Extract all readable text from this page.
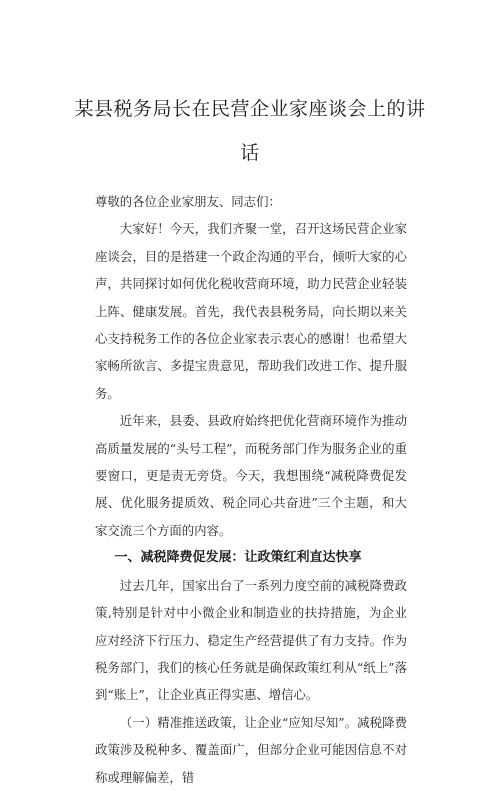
某县税务局长在民营企业家座谈会上的讲
话

尊敬的各位企业家朋友、同志们：

大家好！今天，我们齐聚一堂，召开这场民营企业家座谈会，目的是搭建一个政企沟通的平台，倾听大家的心声，共同探讨如何优化税收营商环境，助力民营企业轻装上阵、健康发展。首先，我代表县税务局，向长期以来关心支持税务工作的各位企业家表示衷心的感谢！也希望大家畅所欲言、多提宝贵意见，帮助我们改进工作、提升服务。

近年来，县委、县政府始终把优化营商环境作为推动高质量发展的“头号工程”，而税务部门作为服务企业的重要窗口，更是责无旁贷。今天，我想围绕“减税降费促发展、优化服务提质效、税企同心共奋进”三个主题，和大家交流三个方面的内容。

一、减税降费促发展：让政策红利直达快享

过去几年，国家出台了一系列力度空前的减税降费政策,特别是针对中小微企业和制造业的扶持措施，为企业应对经济下行压力、稳定生产经营提供了有力支持。作为税务部门，我们的核心任务就是确保政策红利从“纸上”落到“账上”，让企业真正得实惠、增信心。

（一）精准推送政策，让企业“应知尽知”。减税降费政策涉及税种多、覆盖面广，但部分企业可能因信息不对称或理解偏差，错
